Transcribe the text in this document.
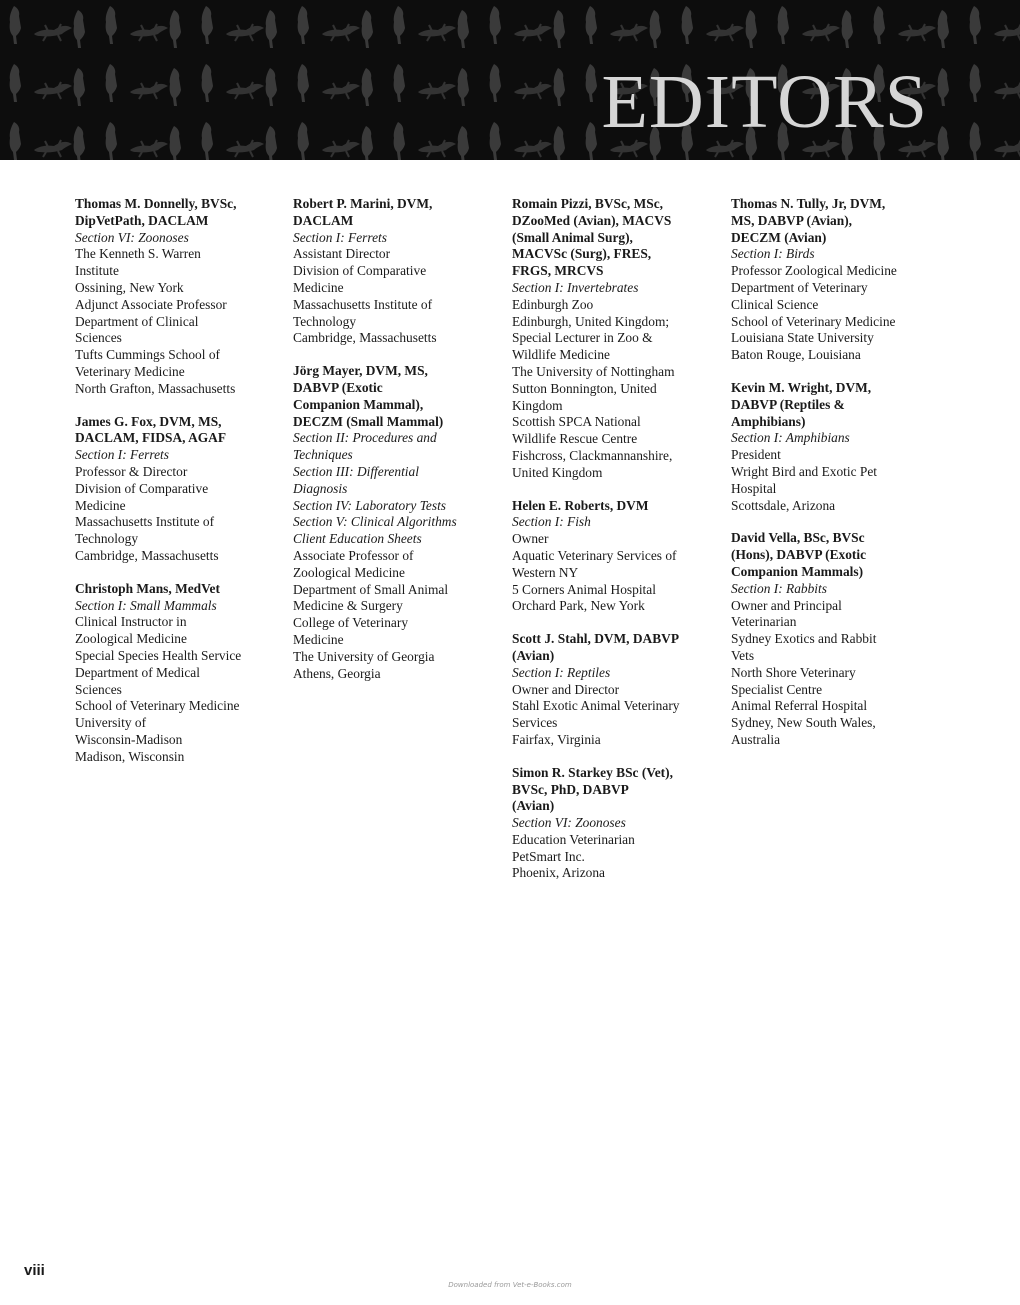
EDITORS
Thomas M. Donnelly, BVSc,
DipVetPath, DACLAM
Section VI: Zoonoses
The Kenneth S. Warren
Institute
Ossining, New York
Adjunct Associate Professor
Department of Clinical
Sciences
Tufts Cummings School of
Veterinary Medicine
North Grafton, Massachusetts
James G. Fox, DVM, MS,
DACLAM, FIDSA, AGAF
Section I: Ferrets
Professor & Director
Division of Comparative
Medicine
Massachusetts Institute of
Technology
Cambridge, Massachusetts
Christoph Mans, MedVet
Section I: Small Mammals
Clinical Instructor in
Zoological Medicine
Special Species Health Service
Department of Medical
Sciences
School of Veterinary Medicine
University of
Wisconsin-Madison
Madison, Wisconsin
Robert P. Marini, DVM,
DACLAM
Section I: Ferrets
Assistant Director
Division of Comparative
Medicine
Massachusetts Institute of
Technology
Cambridge, Massachusetts
Jörg Mayer, DVM, MS,
DABVP (Exotic
Companion Mammal),
DECZM (Small Mammal)
Section II: Procedures and
Techniques
Section III: Differential
Diagnosis
Section IV: Laboratory Tests
Section V: Clinical Algorithms
Client Education Sheets
Associate Professor of
Zoological Medicine
Department of Small Animal
Medicine & Surgery
College of Veterinary
Medicine
The University of Georgia
Athens, Georgia
Romain Pizzi, BVSc, MSc,
DZooMed (Avian), MACVS
(Small Animal Surg),
MACVSc (Surg), FRES,
FRGS, MRCVS
Section I: Invertebrates
Edinburgh Zoo
Edinburgh, United Kingdom;
Special Lecturer in Zoo &
Wildlife Medicine
The University of Nottingham
Sutton Bonnington, United
Kingdom
Scottish SPCA National
Wildlife Rescue Centre
Fishcross, Clackmannanshire,
United Kingdom
Helen E. Roberts, DVM
Section I: Fish
Owner
Aquatic Veterinary Services of
Western NY
5 Corners Animal Hospital
Orchard Park, New York
Scott J. Stahl, DVM, DABVP
(Avian)
Section I: Reptiles
Owner and Director
Stahl Exotic Animal Veterinary
Services
Fairfax, Virginia
Simon R. Starkey BSc (Vet),
BVSc, PhD, DABVP
(Avian)
Section VI: Zoonoses
Education Veterinarian
PetSmart Inc.
Phoenix, Arizona
Thomas N. Tully, Jr, DVM,
MS, DABVP (Avian),
DECZM (Avian)
Section I: Birds
Professor Zoological Medicine
Department of Veterinary
Clinical Science
School of Veterinary Medicine
Louisiana State University
Baton Rouge, Louisiana
Kevin M. Wright, DVM,
DABVP (Reptiles &
Amphibians)
Section I: Amphibians
President
Wright Bird and Exotic Pet
Hospital
Scottsdale, Arizona
David Vella, BSc, BVSc
(Hons), DABVP (Exotic
Companion Mammals)
Section I: Rabbits
Owner and Principal
Veterinarian
Sydney Exotics and Rabbit
Vets
North Shore Veterinary
Specialist Centre
Animal Referral Hospital
Sydney, New South Wales,
Australia
viii
Downloaded from Vet-e-Books.com
